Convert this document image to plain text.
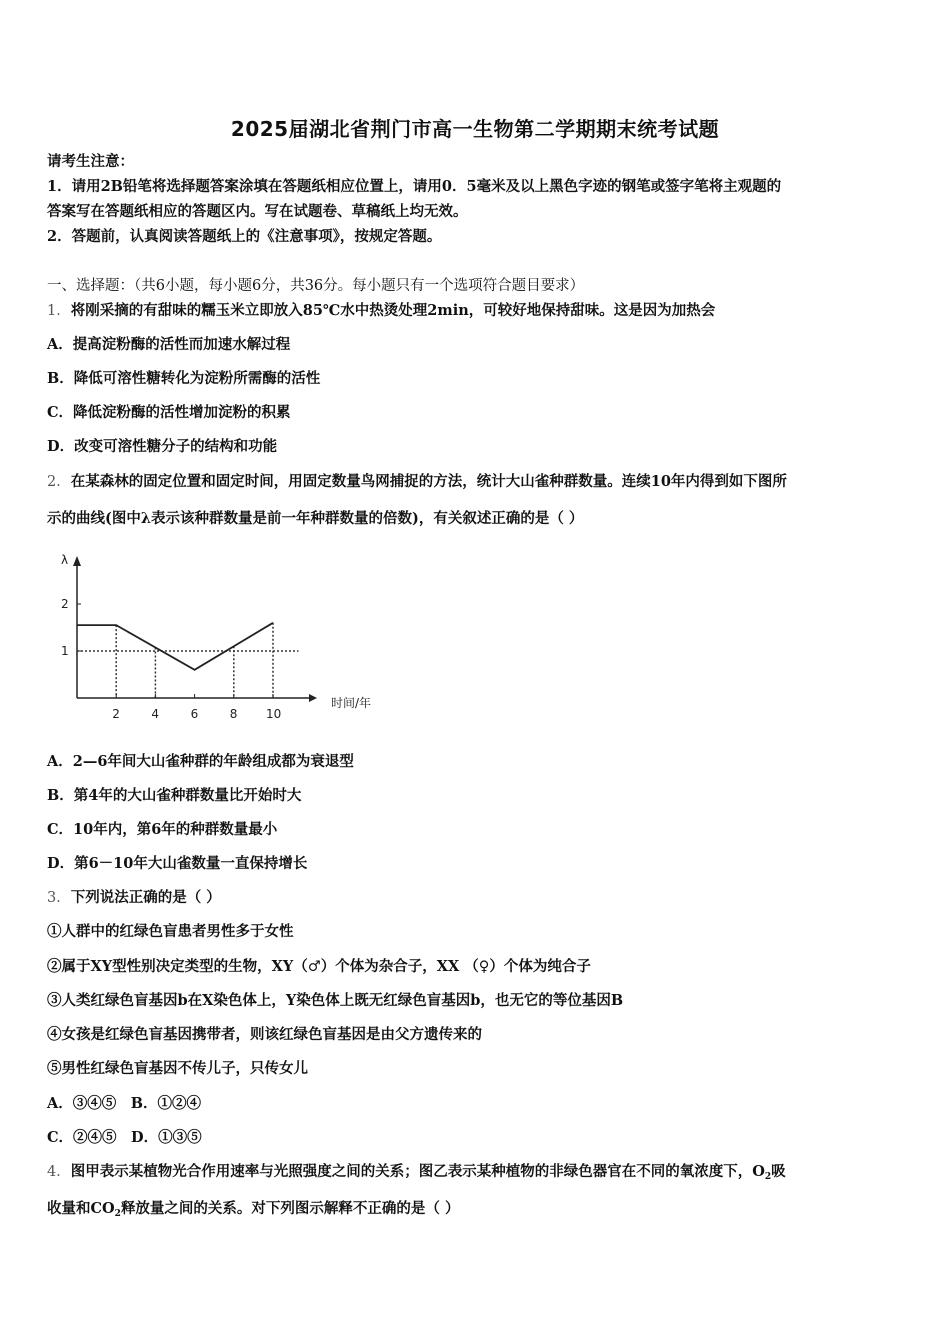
2025届湖北省荆门市高一生物第二学期期末统考试题
请考生注意：
1．请用2B铅笔将选择题答案涂填在答题纸相应位置上，请用0．5毫米及以上黑色字迹的钢笔或签字笔将主观题的
答案写在答题纸相应的答题区内。写在试题卷、草稿纸上均无效。
2．答题前，认真阅读答题纸上的《注意事项》，按规定答题。
一、选择题：（共6小题，每小题6分，共36分。每小题只有一个选项符合题目要求）
1．将刚采摘的有甜味的糯玉米立即放入85℃水中热烫处理2min，可较好地保持甜味。这是因为加热会
A．提高淀粉酶的活性而加速水解过程
B．降低可溶性糖转化为淀粉所需酶的活性
C．降低淀粉酶的活性增加淀粉的积累
D．改变可溶性糖分子的结构和功能
2．在某森林的固定位置和固定时间，用固定数量鸟网捕捉的方法，统计大山雀种群数量。连续10年内得到如下图所
示的曲线(图中λ表示该种群数量是前一年种群数量的倍数)，有关叙述正确的是（ ）
λ
时间/年
1
2
2	4	6	8 10
A．2—6年间大山雀种群的年龄组成都为衰退型
B．第4年的大山雀种群数量比开始时大
C．10年内，第6年的种群数量最小
D．第6－10年大山雀数量一直保持增长
3．下列说法正确的是（ ）
①人群中的红绿色盲患者男性多于女性
②属于XY型性别决定类型的生物，XY（♂）个体为杂合子，XX （♀）个体为纯合子
③人类红绿色盲基因b在X染色体上，Y染色体上既无红绿色盲基因b，也无它的等位基因B
④女孩是红绿色盲基因携带者，则该红绿色盲基因是由父方遗传来的
⑤男性红绿色盲基因不传儿子，只传女儿
A．③④⑤　B．①②④
C．②④⑤　D．①③⑤
4．图甲表示某植物光合作用速率与光照强度之间的关系；图乙表示某种植物的非绿色器官在不同的氧浓度下，$O_2$吸
收量和$CO_2$释放量之间的关系。对下列图示解释不正确的是（ ）
